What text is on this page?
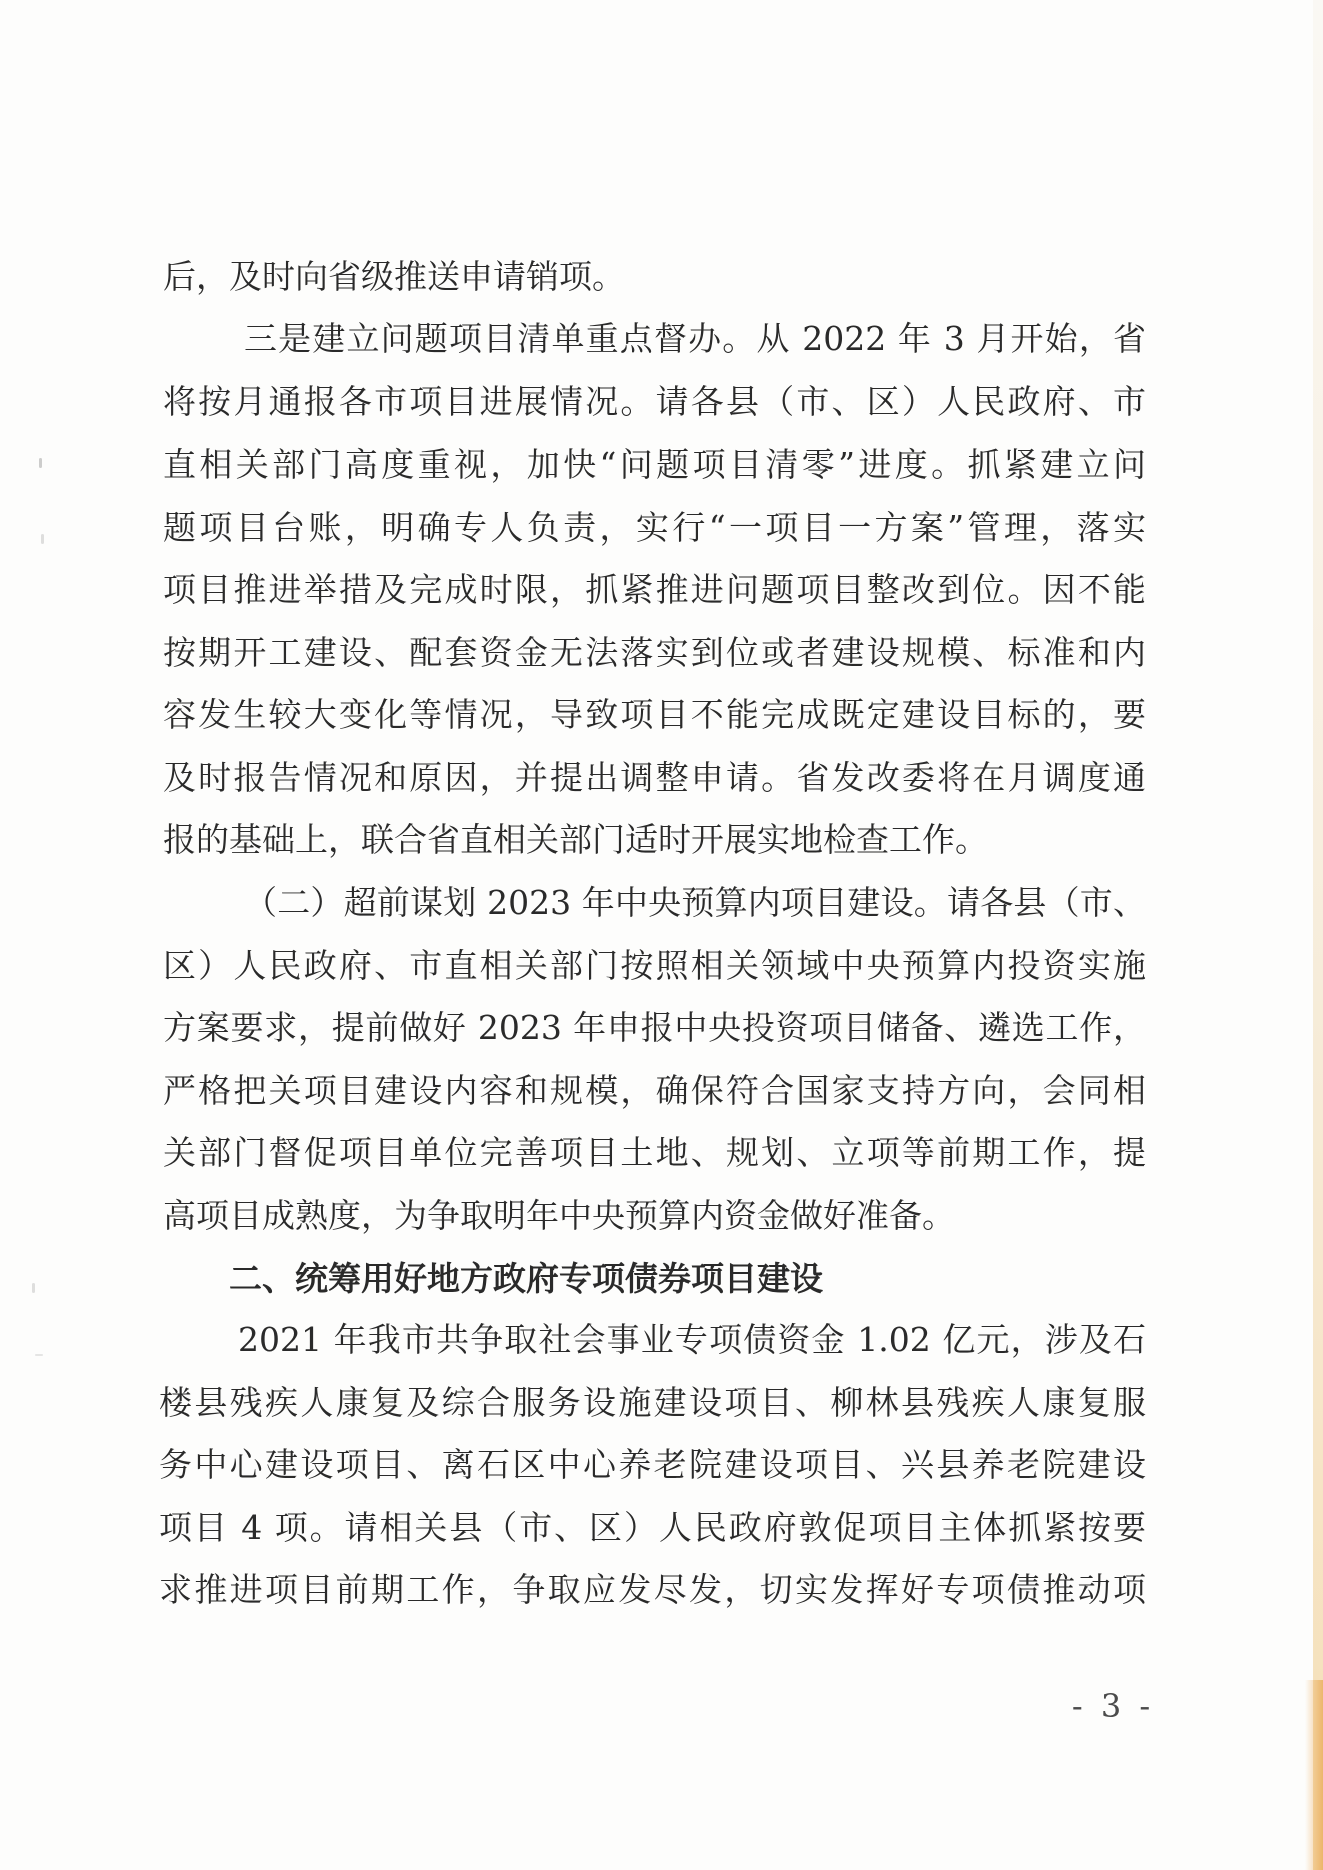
后，及时向省级推送申请销项。
三是建立问题项目清单重点督办。从 2022 年 3 月开始，省
将按月通报各市项目进展情况。请各县（市、区）人民政府、市
直相关部门高度重视，加快“问题项目清零”进度。抓紧建立问
题项目台账，明确专人负责，实行“一项目一方案”管理，落实
项目推进举措及完成时限，抓紧推进问题项目整改到位。因不能
按期开工建设、配套资金无法落实到位或者建设规模、标准和内
容发生较大变化等情况，导致项目不能完成既定建设目标的，要
及时报告情况和原因，并提出调整申请。省发改委将在月调度通
报的基础上，联合省直相关部门适时开展实地检查工作。
（二）超前谋划 2023 年中央预算内项目建设。请各县（市、
区）人民政府、市直相关部门按照相关领域中央预算内投资实施
方案要求，提前做好 2023 年申报中央投资项目储备、遴选工作，
严格把关项目建设内容和规模，确保符合国家支持方向，会同相
关部门督促项目单位完善项目土地、规划、立项等前期工作，提
高项目成熟度，为争取明年中央预算内资金做好准备。
二、统筹用好地方政府专项债券项目建设
2021 年我市共争取社会事业专项债资金 1.02 亿元，涉及石
楼县残疾人康复及综合服务设施建设项目、柳林县残疾人康复服
务中心建设项目、离石区中心养老院建设项目、兴县养老院建设
项目 4 项。请相关县（市、区）人民政府敦促项目主体抓紧按要
求推进项目前期工作，争取应发尽发，切实发挥好专项债推动项
- 3 -
